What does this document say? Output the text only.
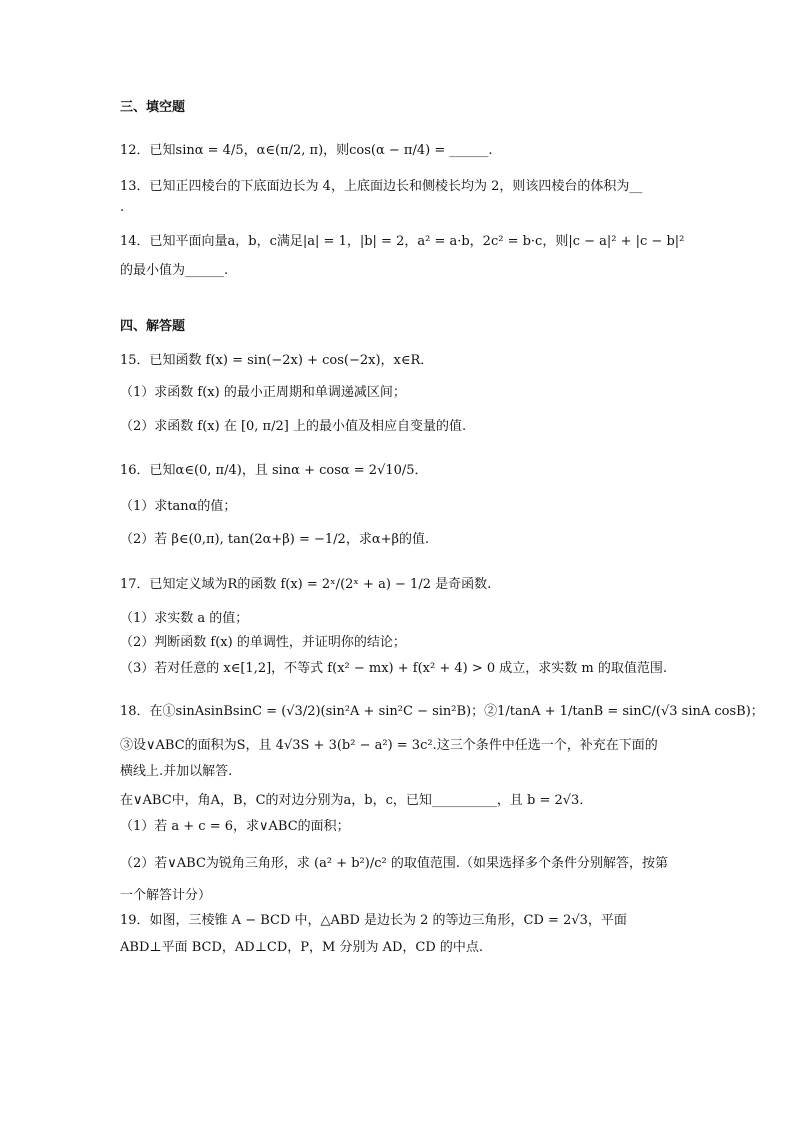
三、填空题
12．已知sinα = 4/5，α∈(π/2, π)，则cos(α − π/4) = ______.
13．已知正四棱台的下底面边长为 4，上底面边长和侧棱长均为 2，则该四棱台的体积为__
.
14．已知平面向量a，b，c满足|a| = 1，|b| = 2，a² = a·b，2c² = b·c，则|c − a|² + |c − b|²
的最小值为______.
四、解答题
15．已知函数 f(x) = sin(−2x) + cos(−2x)，x∈R．
（1）求函数 f(x) 的最小正周期和单调递减区间；
（2）求函数 f(x) 在 [0, π/2] 上的最小值及相应自变量的值.
16．已知α∈(0, π/4)，且 sinα + cosα = 2√10/5．
（1）求tanα的值；
（2）若 β∈(0,π), tan(2α+β) = −1/2，求α+β的值.
17．已知定义域为R的函数 f(x) = 2ˣ/(2ˣ + a) − 1/2 是奇函数.
（1）求实数 a 的值；
（2）判断函数 f(x) 的单调性，并证明你的结论；
（3）若对任意的 x∈[1,2]，不等式 f(x² − mx) + f(x² + 4) > 0 成立，求实数 m 的取值范围.
18．在①sinAsinBsinC = (√3/2)(sin²A + sin²C − sin²B)；②1/tanA + 1/tanB = sinC/(√3 sinA cosB)；
③设∨ABC的面积为S，且 4√3S + 3(b² − a²) = 3c².这三个条件中任选一个，补充在下面的
横线上.并加以解答.
在∨ABC中，角A，B，C的对边分别为a，b，c，已知__________，且 b = 2√3．
（1）若 a + c = 6，求∨ABC的面积；
（2）若∨ABC为锐角三角形，求 (a² + b²)/c² 的取值范围.（如果选择多个条件分别解答，按第
一个解答计分）
19．如图，三棱锥 A − BCD 中，△ABD 是边长为 2 的等边三角形，CD = 2√3，平面
ABD⊥平面 BCD，AD⊥CD，P，M 分别为 AD，CD 的中点.
